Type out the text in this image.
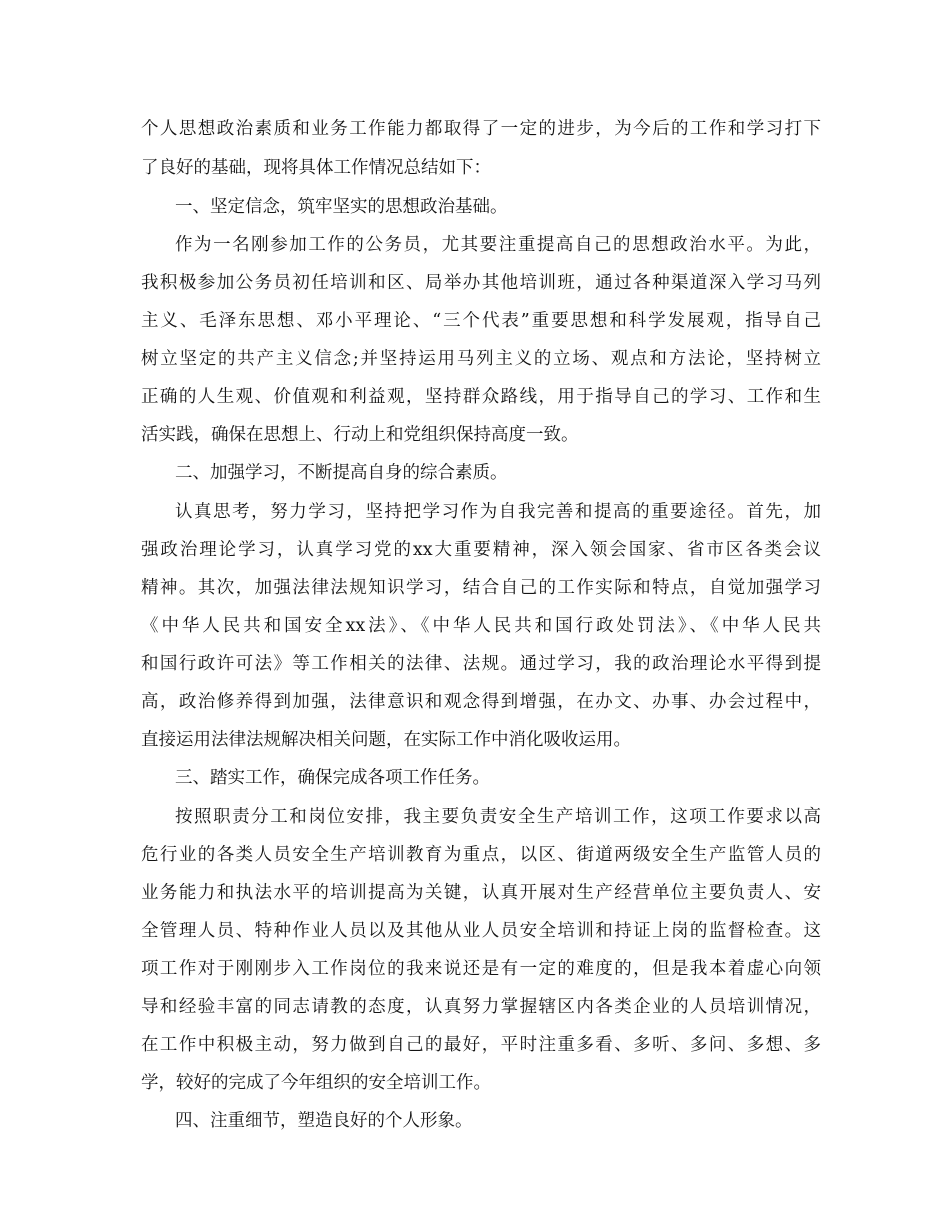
个人思想政治素质和业务工作能力都取得了一定的进步，为今后的工作和学习打下

了良好的基础，现将具体工作情况总结如下：

一、坚定信念，筑牢坚实的思想政治基础。

作为一名刚参加工作的公务员，尤其要注重提高自己的思想政治水平。为此，

我积极参加公务员初任培训和区、局举办其他培训班，通过各种渠道深入学习马列

主义、毛泽东思想、邓小平理论、“三个代表”重要思想和科学发展观，指导自己

树立坚定的共产主义信念;并坚持运用马列主义的立场、观点和方法论，坚持树立

正确的人生观、价值观和利益观，坚持群众路线，用于指导自己的学习、工作和生

活实践，确保在思想上、行动上和党组织保持高度一致。

二、加强学习，不断提高自身的综合素质。

认真思考，努力学习，坚持把学习作为自我完善和提高的重要途径。首先，加

强政治理论学习，认真学习党的xx大重要精神，深入领会国家、省市区各类会议

精神。其次，加强法律法规知识学习，结合自己的工作实际和特点，自觉加强学习

《中华人民共和国安全xx法》、《中华人民共和国行政处罚法》、《中华人民共

和国行政许可法》等工作相关的法律、法规。通过学习，我的政治理论水平得到提

高，政治修养得到加强，法律意识和观念得到增强，在办文、办事、办会过程中，

直接运用法律法规解决相关问题，在实际工作中消化吸收运用。

三、踏实工作，确保完成各项工作任务。

按照职责分工和岗位安排，我主要负责安全生产培训工作，这项工作要求以高

危行业的各类人员安全生产培训教育为重点，以区、街道两级安全生产监管人员的

业务能力和执法水平的培训提高为关键，认真开展对生产经营单位主要负责人、安

全管理人员、特种作业人员以及其他从业人员安全培训和持证上岗的监督检查。这

项工作对于刚刚步入工作岗位的我来说还是有一定的难度的，但是我本着虚心向领

导和经验丰富的同志请教的态度，认真努力掌握辖区内各类企业的人员培训情况，

在工作中积极主动，努力做到自己的最好，平时注重多看、多听、多问、多想、多

学，较好的完成了今年组织的安全培训工作。

四、注重细节，塑造良好的个人形象。
